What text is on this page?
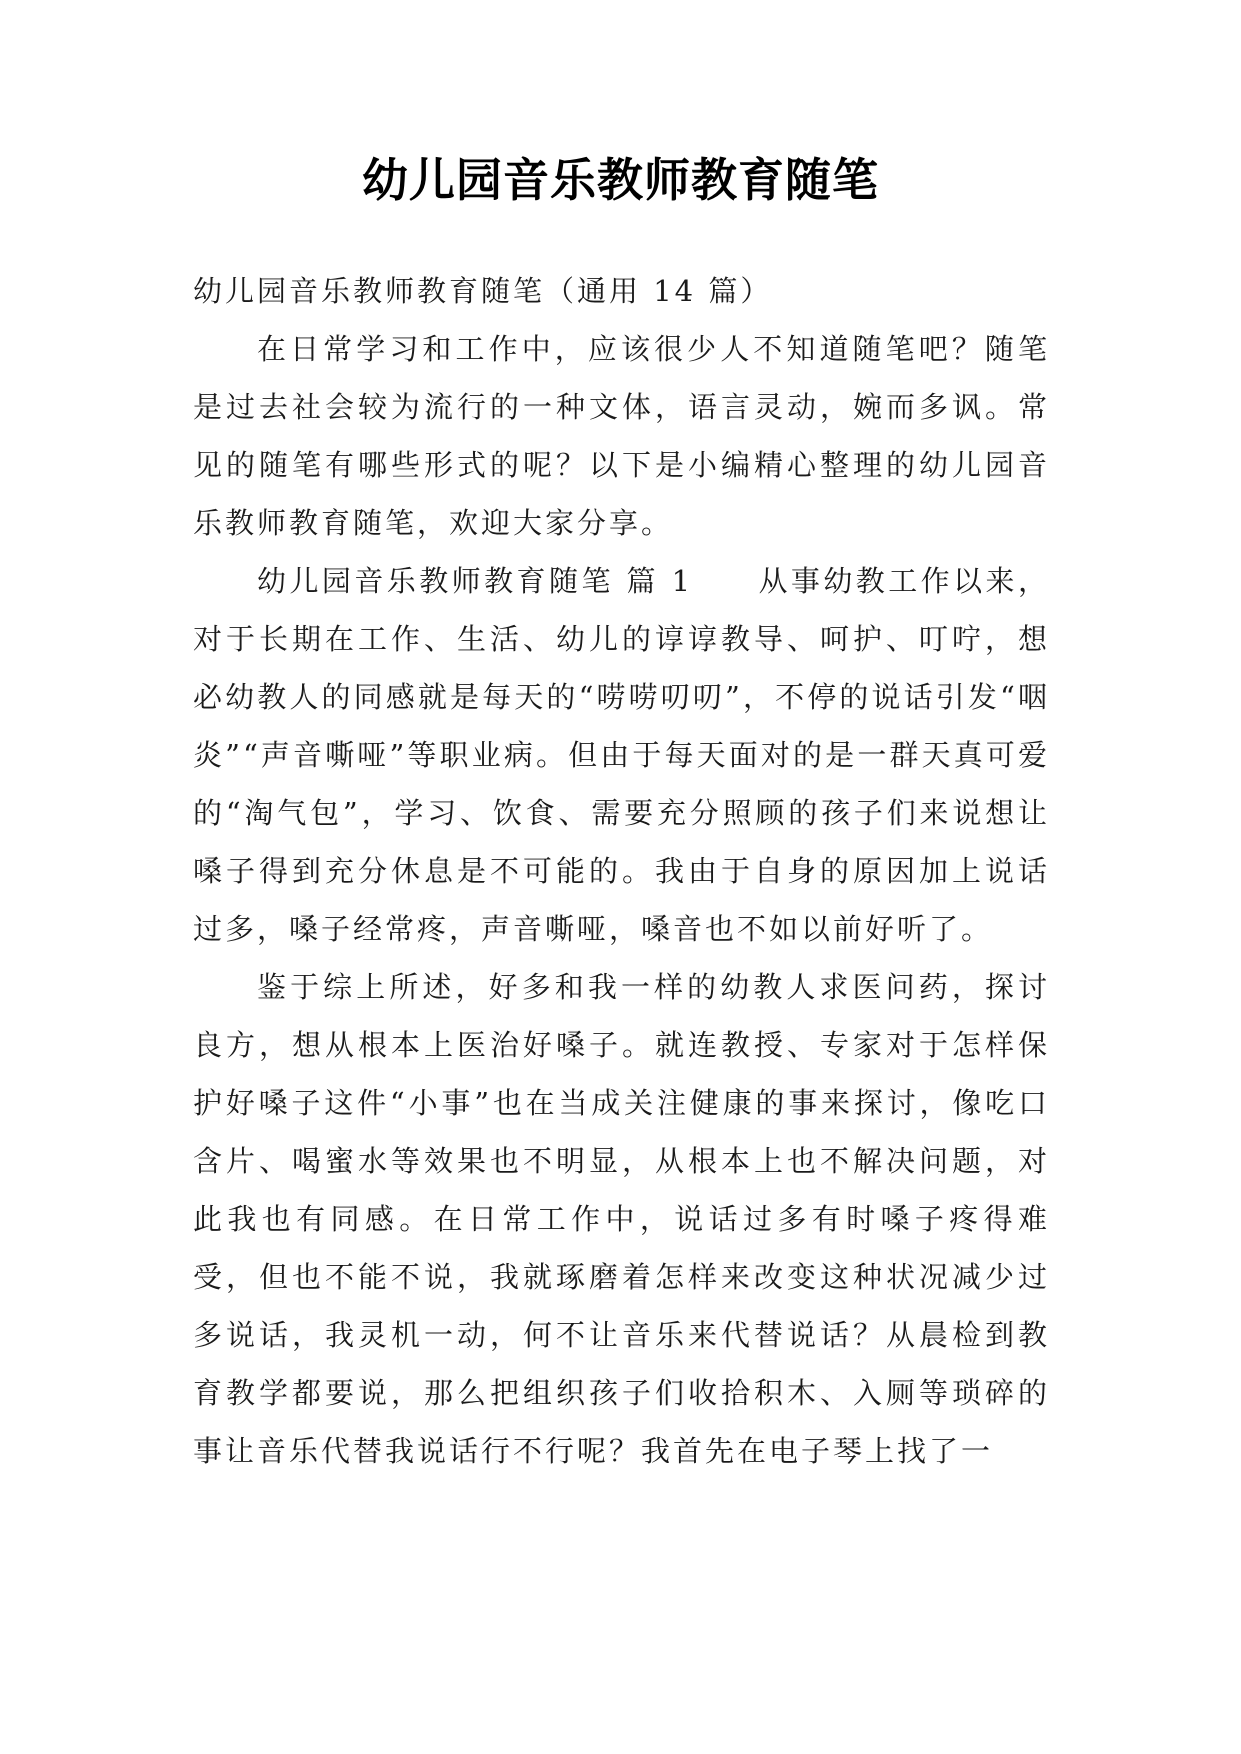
幼儿园音乐教师教育随笔

幼儿园音乐教师教育随笔（通用 14 篇）

在日常学习和工作中，应该很少人不知道随笔吧？随笔是过去社会较为流行的一种文体，语言灵动，婉而多讽。常见的随笔有哪些形式的呢？以下是小编精心整理的幼儿园音乐教师教育随笔，欢迎大家分享。

幼儿园音乐教师教育随笔 篇 1　　从事幼教工作以来，对于长期在工作、生活、幼儿的谆谆教导、呵护、叮咛，想必幼教人的同感就是每天的“唠唠叨叨”，不停的说话引发“咽炎”“声音嘶哑”等职业病。但由于每天面对的是一群天真可爱的“淘气包”，学习、饮食、需要充分照顾的孩子们来说想让嗓子得到充分休息是不可能的。我由于自身的原因加上说话过多，嗓子经常疼，声音嘶哑，嗓音也不如以前好听了。

鉴于综上所述，好多和我一样的幼教人求医问药，探讨良方，想从根本上医治好嗓子。就连教授、专家对于怎样保护好嗓子这件“小事”也在当成关注健康的事来探讨，像吃口含片、喝蜜水等效果也不明显，从根本上也不解决问题，对此我也有同感。在日常工作中，说话过多有时嗓子疼得难受，但也不能不说，我就琢磨着怎样来改变这种状况减少过多说话，我灵机一动，何不让音乐来代替说话？从晨检到教育教学都要说，那么把组织孩子们收拾积木、入厕等琐碎的事让音乐代替我说话行不行呢？我首先在电子琴上找了一
